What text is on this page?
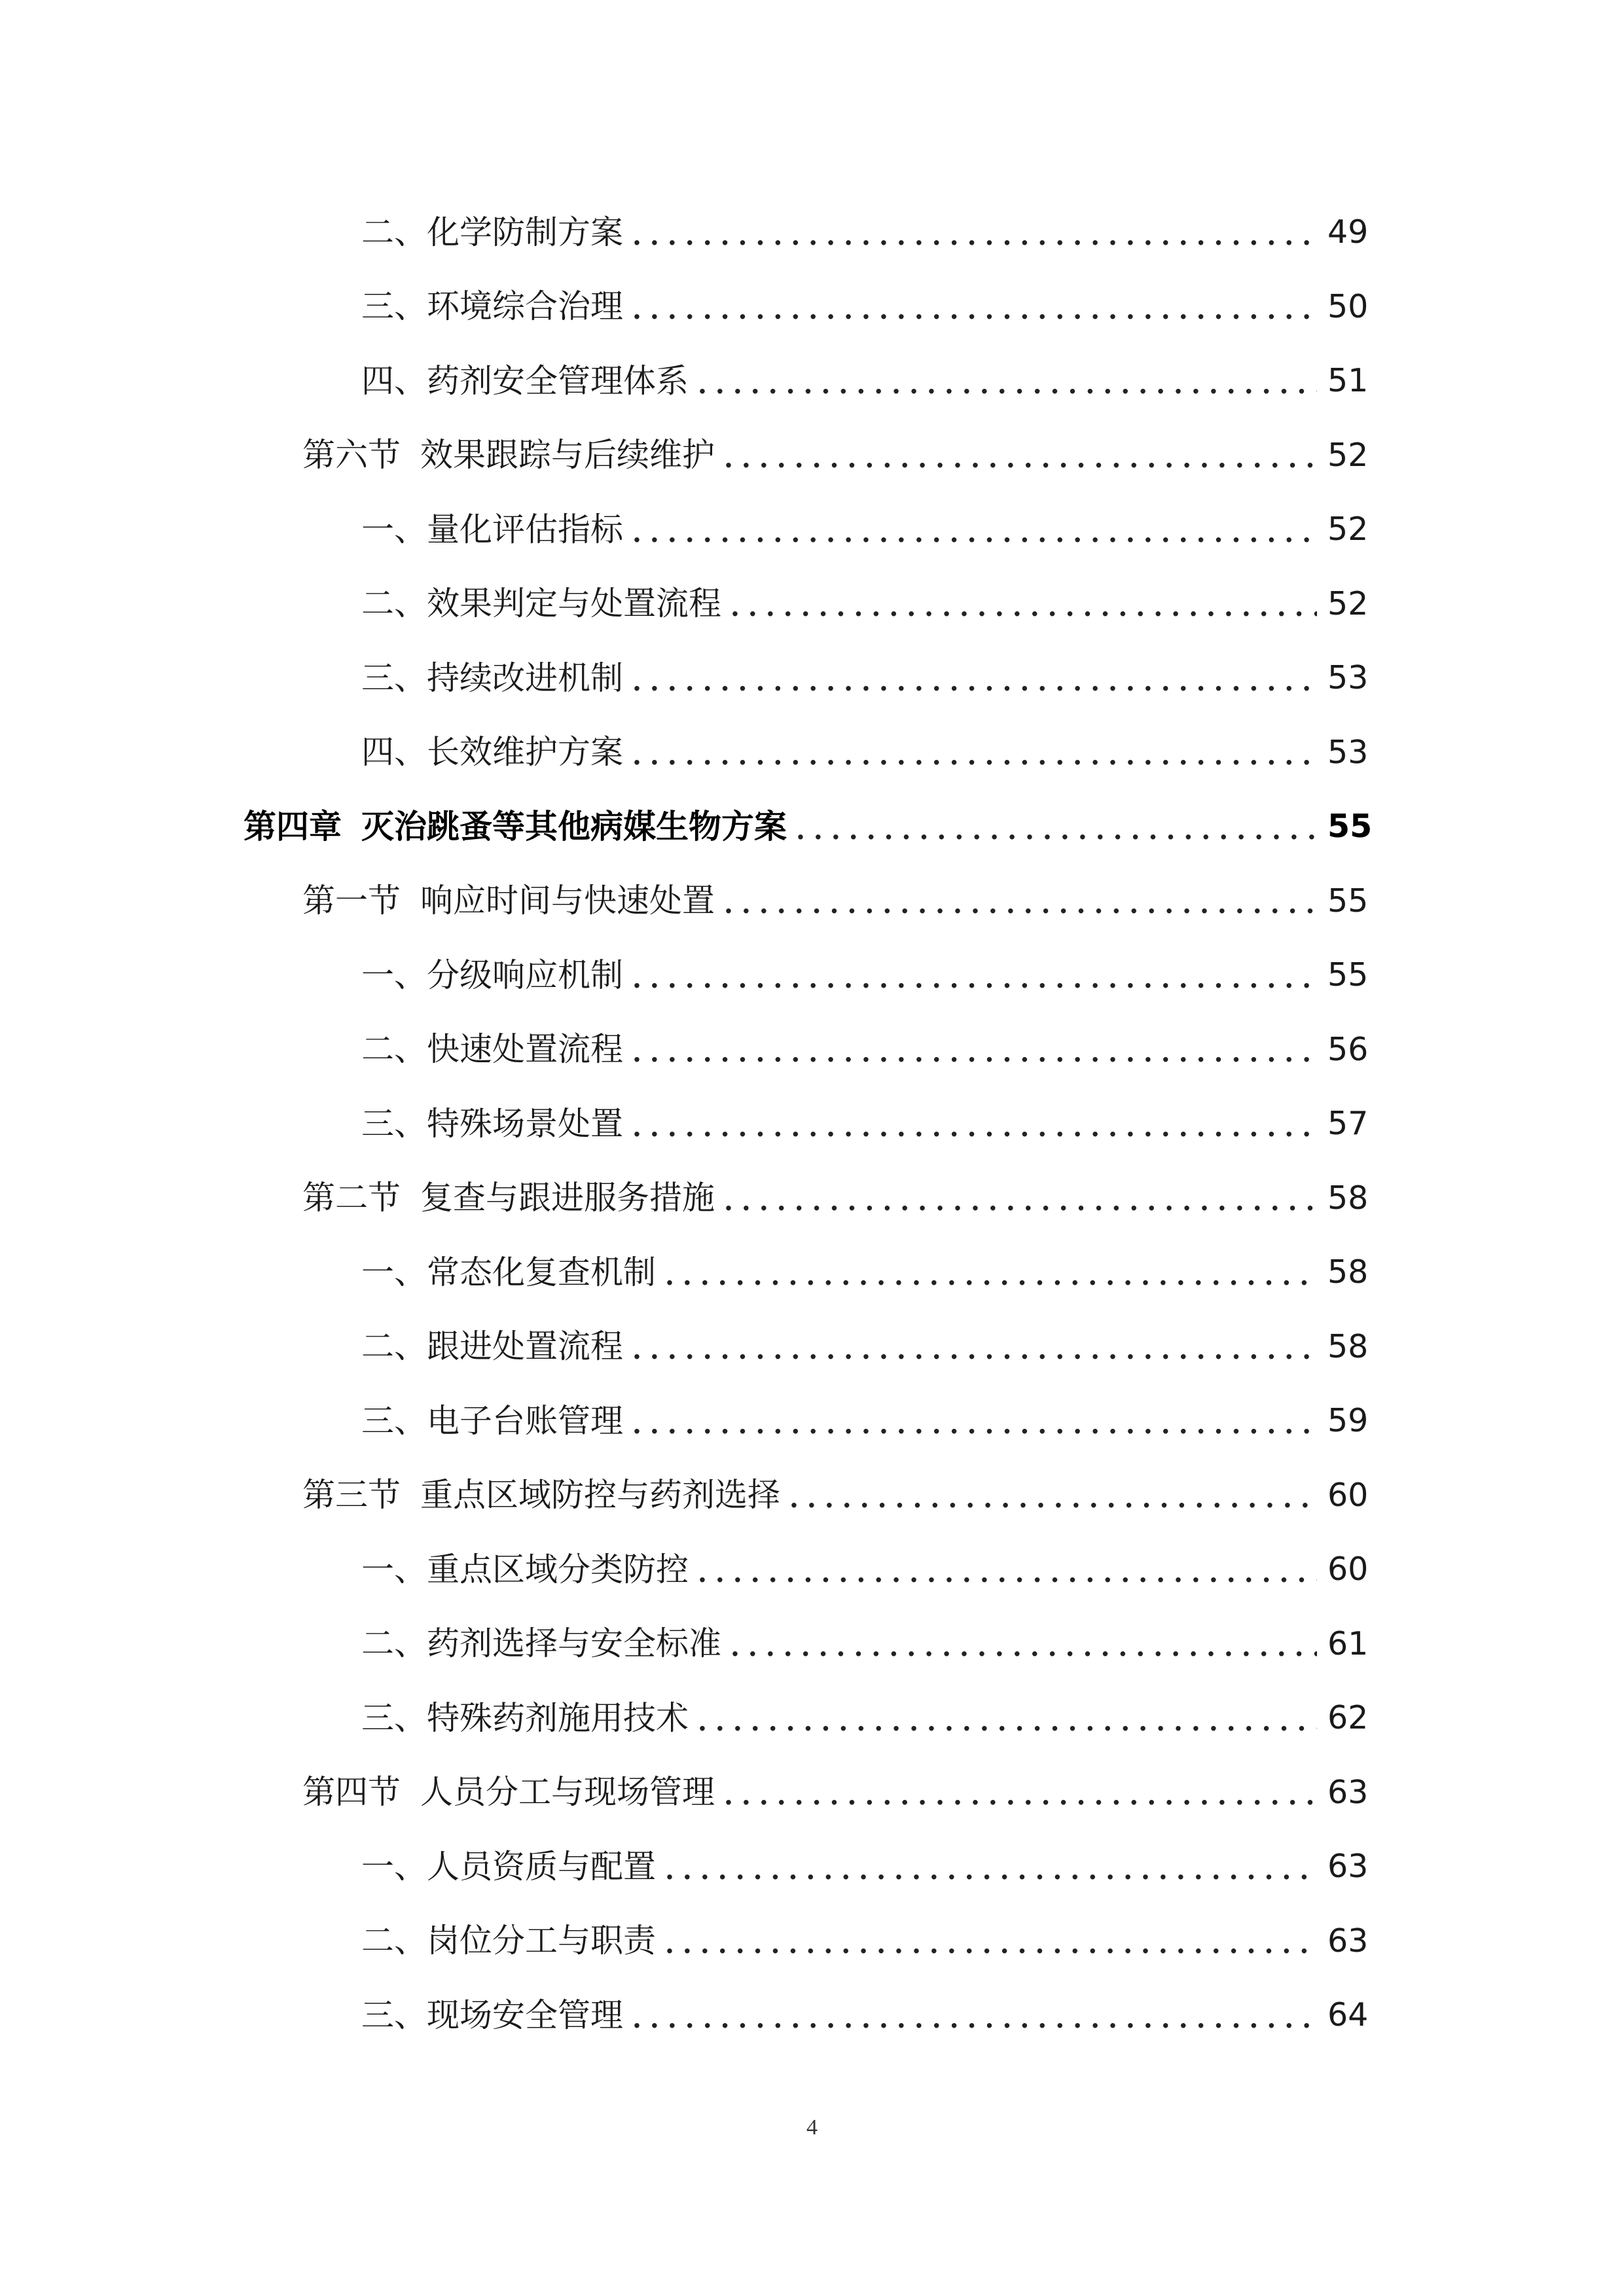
二、 化学防制方案 .....	49
三、 环境综合治理 .....	50
四、 药剂安全管理体系 .....	51
第六节 效果跟踪与后续维护 .....	52
一、 量化评估指标 .....	52
二、 效果判定与处置流程 .....	52
三、 持续改进机制 .....	53
四、 长效维护方案 .....	53
第四章 灭治跳蚤等其他病媒生物方案 .....	55
第一节 响应时间与快速处置 .....	55
一、 分级响应机制 .....	55
二、 快速处置流程 .....	56
三、 特殊场景处置 .....	57
第二节 复查与跟进服务措施 .....	58
一、 常态化复查机制 .....	58
二、 跟进处置流程 .....	58
三、 电子台账管理 .....	59
第三节 重点区域防控与药剂选择 .....	60
一、 重点区域分类防控 .....	60
二、 药剂选择与安全标准 .....	61
三、 特殊药剂施用技术 .....	62
第四节 人员分工与现场管理 .....	63
一、 人员资质与配置 .....	63
二、 岗位分工与职责 .....	63
三、 现场安全管理 .....	64
4
